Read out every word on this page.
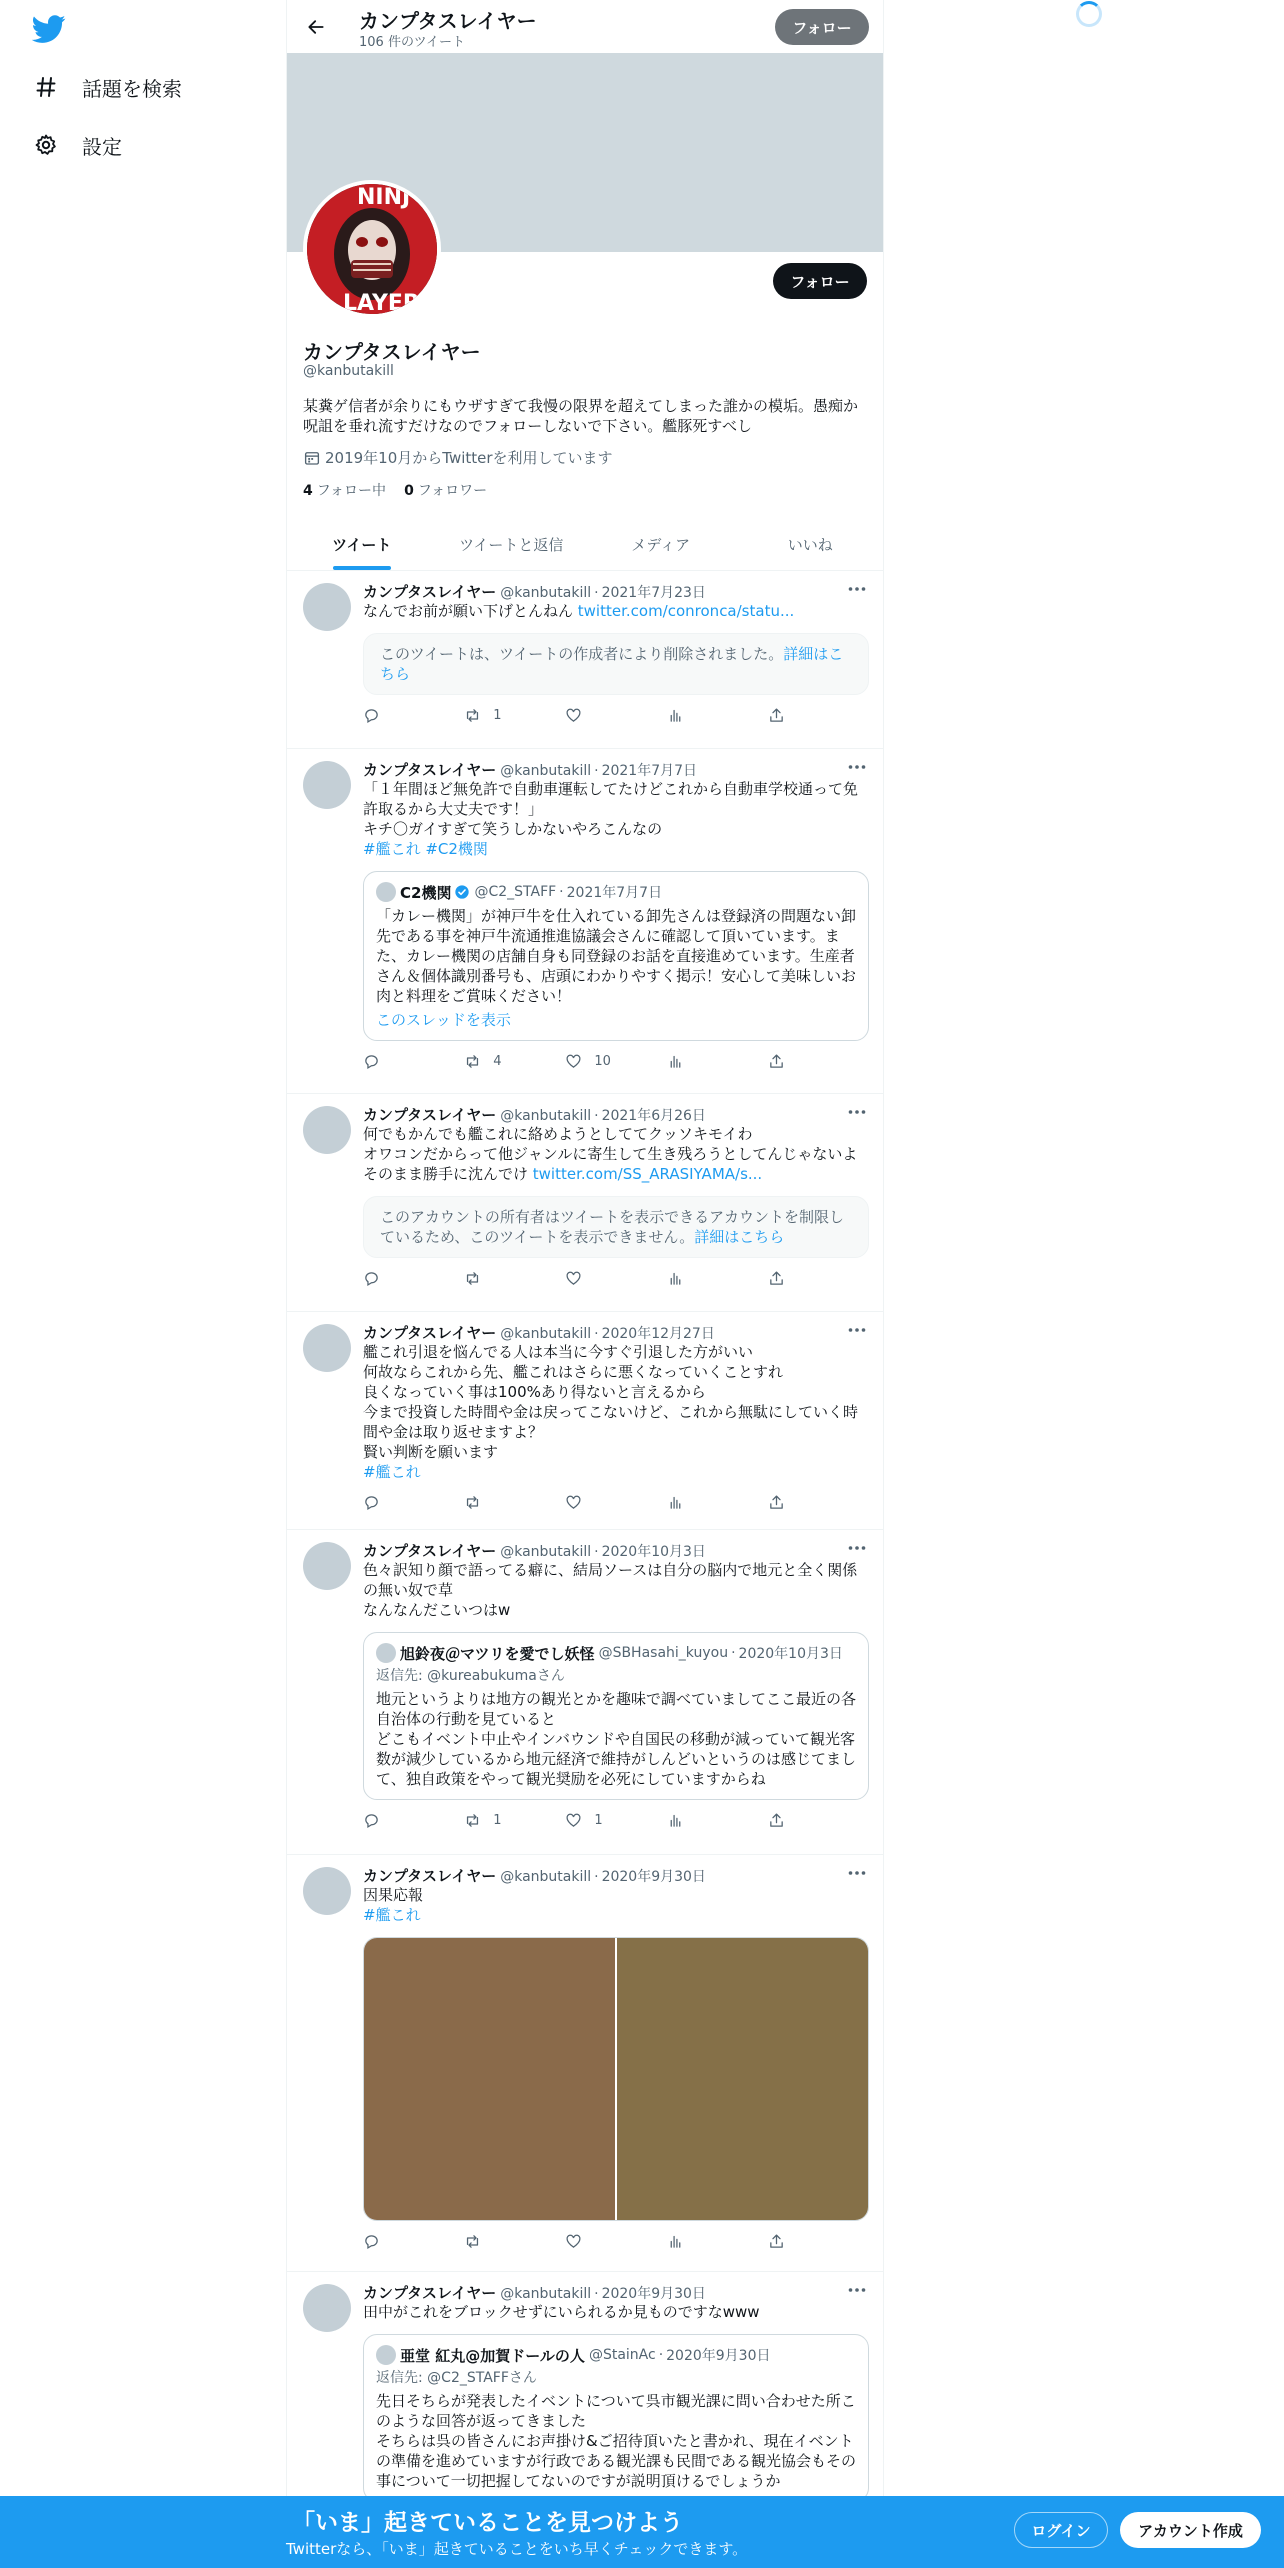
話題を検索
設定
カンプタスレイヤー
106 件のツイート
フォロー
NINJ
LAYER
フォロー
カンプタスレイヤー
@kanbutakill
某糞ゲ信者が余りにもウザすぎて我慢の限界を超えてしまった誰かの模垢。愚痴か呪詛を垂れ流すだけなのでフォローしないで下さい。艦豚死すべし
2019年10月からTwitterを利用しています
4 フォロー中 0 フォロワー
ツイート	ツイートと返信	メディア	いいね
カンプタスレイヤー @kanbutakill · 2021年7月23日
なんでお前が願い下げとんねん twitter.com/conronca/statu...
このツイートは、ツイートの作成者により削除されました。詳細はこちら
1
カンプタスレイヤー @kanbutakill · 2021年7月7日
「１年間ほど無免許で自動車運転してたけどこれから自動車学校通って免許取るから大丈夫です！」
キチ〇ガイすぎて笑うしかないやろこんなの
#艦これ #C2機関
C2機関 @C2_STAFF · 2021年7月7日
「カレー機関」が神戸牛を仕入れている卸先さんは登録済の問題ない卸先である事を神戸牛流通推進協議会さんに確認して頂いています。また、カレー機関の店舗自身も同登録のお話を直接進めています。生産者さん＆個体識別番号も、店頭にわかりやすく掲示！安心して美味しいお肉と料理をご賞味ください！
このスレッドを表示
4	10
カンプタスレイヤー @kanbutakill · 2021年6月26日
何でもかんでも艦これに絡めようとしててクッソキモイわ
オワコンだからって他ジャンルに寄生して生き残ろうとしてんじゃないよそのまま勝手に沈んでけ twitter.com/SS_ARASIYAMA/s...
このアカウントの所有者はツイートを表示できるアカウントを制限しているため、このツイートを表示できません。詳細はこちら
カンプタスレイヤー @kanbutakill · 2020年12月27日
艦これ引退を悩んでる人は本当に今すぐ引退した方がいい
何故ならこれから先、艦これはさらに悪くなっていくことすれ
良くなっていく事は100%あり得ないと言えるから
今まで投資した時間や金は戻ってこないけど、これから無駄にしていく時間や金は取り返せますよ？
賢い判断を願います
#艦これ
カンプタスレイヤー @kanbutakill · 2020年10月3日
色々訳知り顔で語ってる癖に、結局ソースは自分の脳内で地元と全く関係の無い奴で草
なんなんだこいつはw
旭鈴夜＠マツリを愛でし妖怪 @SBHasahi_kuyou · 2020年10月3日
返信先: @kureabukumaさん
地元というよりは地方の観光とかを趣味で調べていましてここ最近の各自治体の行動を見ていると
どこもイベント中止やインバウンドや自国民の移動が減っていて観光客数が減少しているから地元経済で維持がしんどいというのは感じてまして、独自政策をやって観光奨励を必死にしていますからね
1	1
カンプタスレイヤー @kanbutakill · 2020年9月30日
因果応報
#艦これ
カンプタスレイヤー @kanbutakill · 2020年9月30日
田中がこれをブロックせずにいられるか見ものですなwww
亜堂 紅丸@加賀ドールの人 @StainAc · 2020年9月30日
返信先: @C2_STAFFさん
先日そちらが発表したイベントについて呉市観光課に問い合わせた所このような回答が返ってきました
そちらは呉の皆さんにお声掛け&ご招待頂いたと書かれ、現在イベントの準備を進めていますが行政である観光課も民間である観光協会もその事について一切把握してないのですが説明頂けるでしょうか
「いま」起きていることを見つけよう
Twitterなら、「いま」起きていることをいち早くチェックできます。
ログイン	アカウント作成
